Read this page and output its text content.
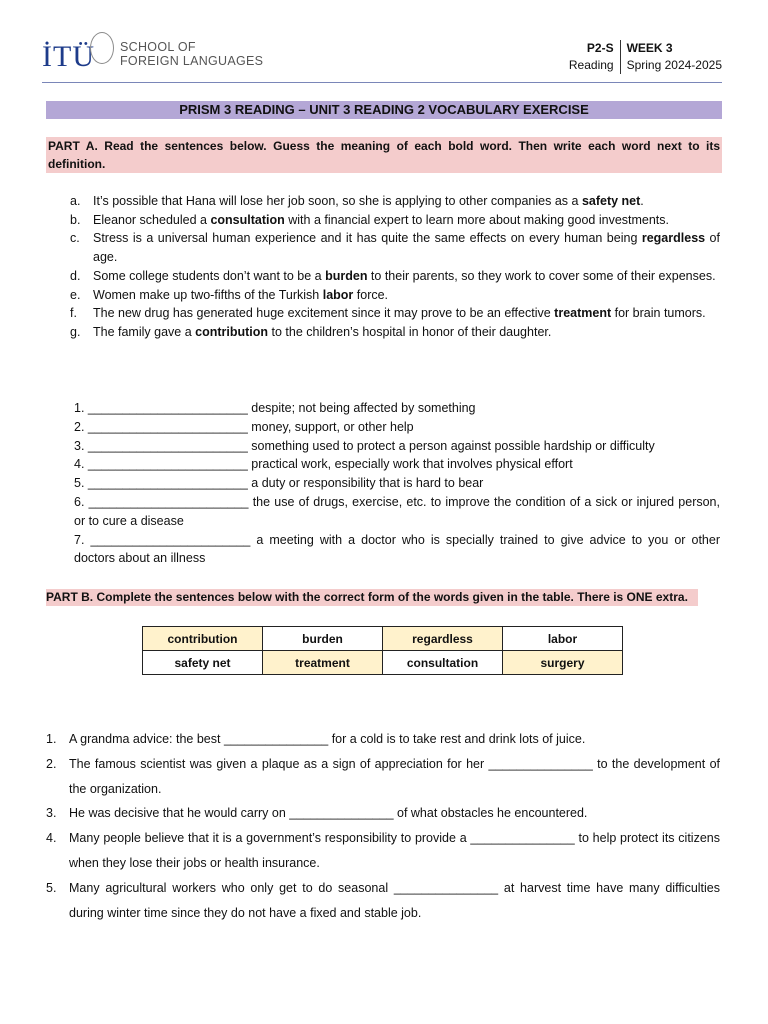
İTÜ SCHOOL OF
FOREIGN LANGUAGES
P2-S
Reading
WEEK 3
Spring 2024-2025
PRISM 3 READING – UNIT 3 READING 2 VOCABULARY EXERCISE
PART A. Read the sentences below. Guess the meaning of each bold word. Then write each word next to its definition.
a.	It’s possible that Hana will lose her job soon, so she is applying to other companies as a safety net.
b.	Eleanor scheduled a consultation with a financial expert to learn more about making good investments.
c.	Stress is a universal human experience and it has quite the same effects on every human being regardless of age.
d.	Some college students don’t want to be a burden to their parents, so they work to cover some of their expenses.
e.	Women make up two-fifths of the Turkish labor force.
f.	The new drug has generated huge excitement since it may prove to be an effective treatment for brain tumors.
g.	The family gave a contribution to the children’s hospital in honor of their daughter.
1. _______________________ despite; not being affected by something
2. _______________________ money, support, or other help
3. _______________________ something used to protect a person against possible hardship or difficulty
4. _______________________ practical work, especially work that involves physical effort
5. _______________________ a duty or responsibility that is hard to bear
6. _______________________ the use of drugs, exercise, etc. to improve the condition of a sick or injured person, or to cure a disease
7. _______________________ a meeting with a doctor who is specially trained to give advice to you or other doctors about an illness
PART B. Complete the sentences below with the correct form of the words given in the table. There is ONE extra.
contribution	burden	regardless	labor
safety net	treatment	consultation	surgery
1.	A grandma advice: the best _______________ for a cold is to take rest and drink lots of juice.
2.	The famous scientist was given a plaque as a sign of appreciation for her _______________ to the development of the organization.
3.	He was decisive that he would carry on _______________ of what obstacles he encountered.
4.	Many people believe that it is a government’s responsibility to provide a _______________ to help protect its citizens when they lose their jobs or health insurance.
5.	Many agricultural workers who only get to do seasonal _______________ at harvest time have many difficulties during winter time since they do not have a fixed and stable job.
